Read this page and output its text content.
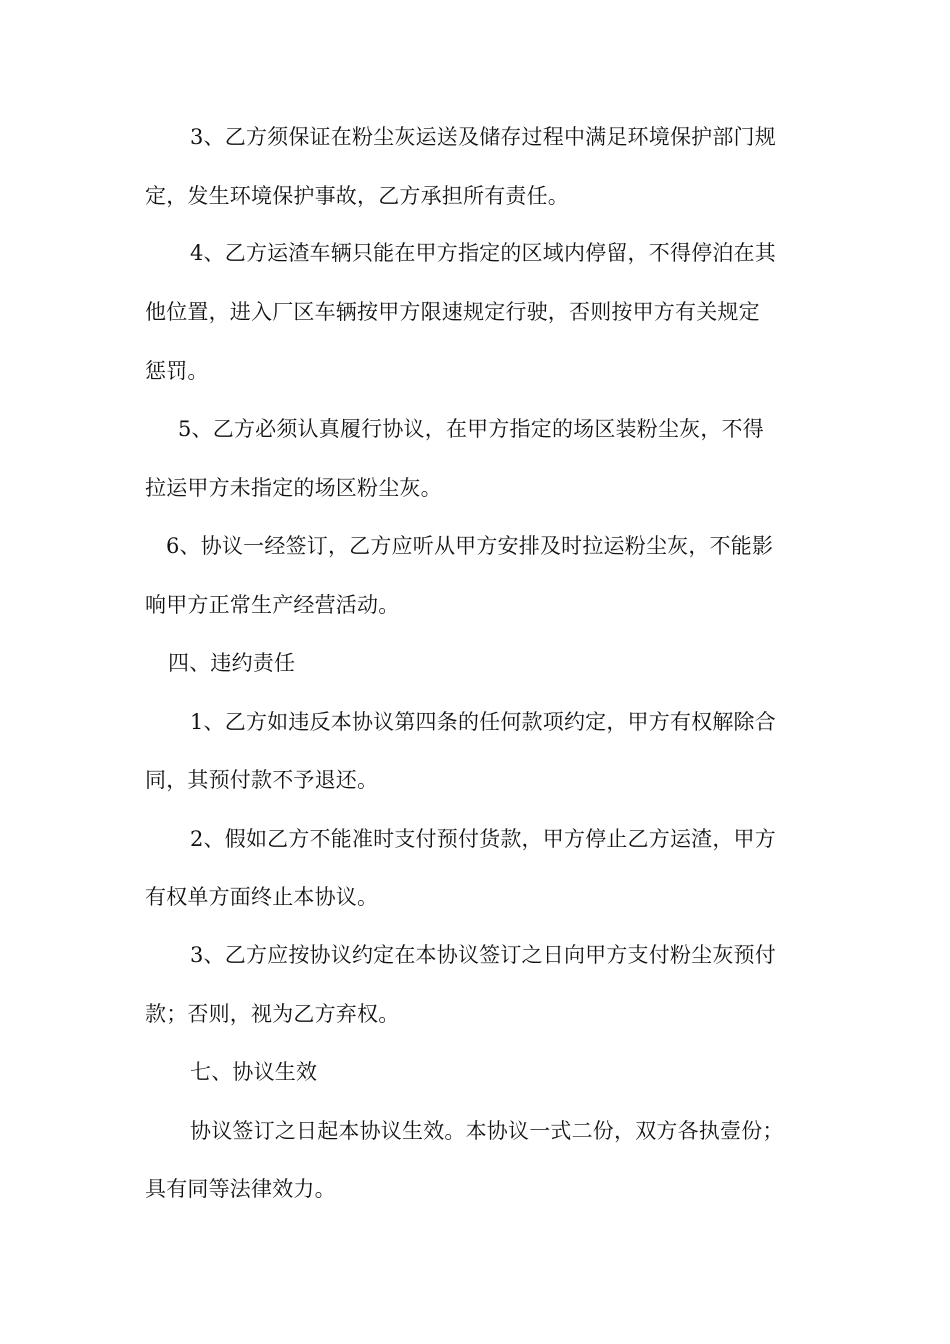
3、乙方须保证在粉尘灰运送及储存过程中满足环境保护部门规
定，发生环境保护事故，乙方承担所有责任。
4、乙方运渣车辆只能在甲方指定的区域内停留，不得停泊在其
他位置，进入厂区车辆按甲方限速规定行驶，否则按甲方有关规定
惩罚。
5、乙方必须认真履行协议，在甲方指定的场区装粉尘灰，不得
拉运甲方未指定的场区粉尘灰。
6、协议一经签订，乙方应听从甲方安排及时拉运粉尘灰，不能影
响甲方正常生产经营活动。
四、违约责任
1、乙方如违反本协议第四条的任何款项约定，甲方有权解除合
同，其预付款不予退还。
2、假如乙方不能准时支付预付货款，甲方停止乙方运渣，甲方
有权单方面终止本协议。
3、乙方应按协议约定在本协议签订之日向甲方支付粉尘灰预付
款；否则，视为乙方弃权。
七、协议生效
协议签订之日起本协议生效。本协议一式二份，双方各执壹份；
具有同等法律效力。
